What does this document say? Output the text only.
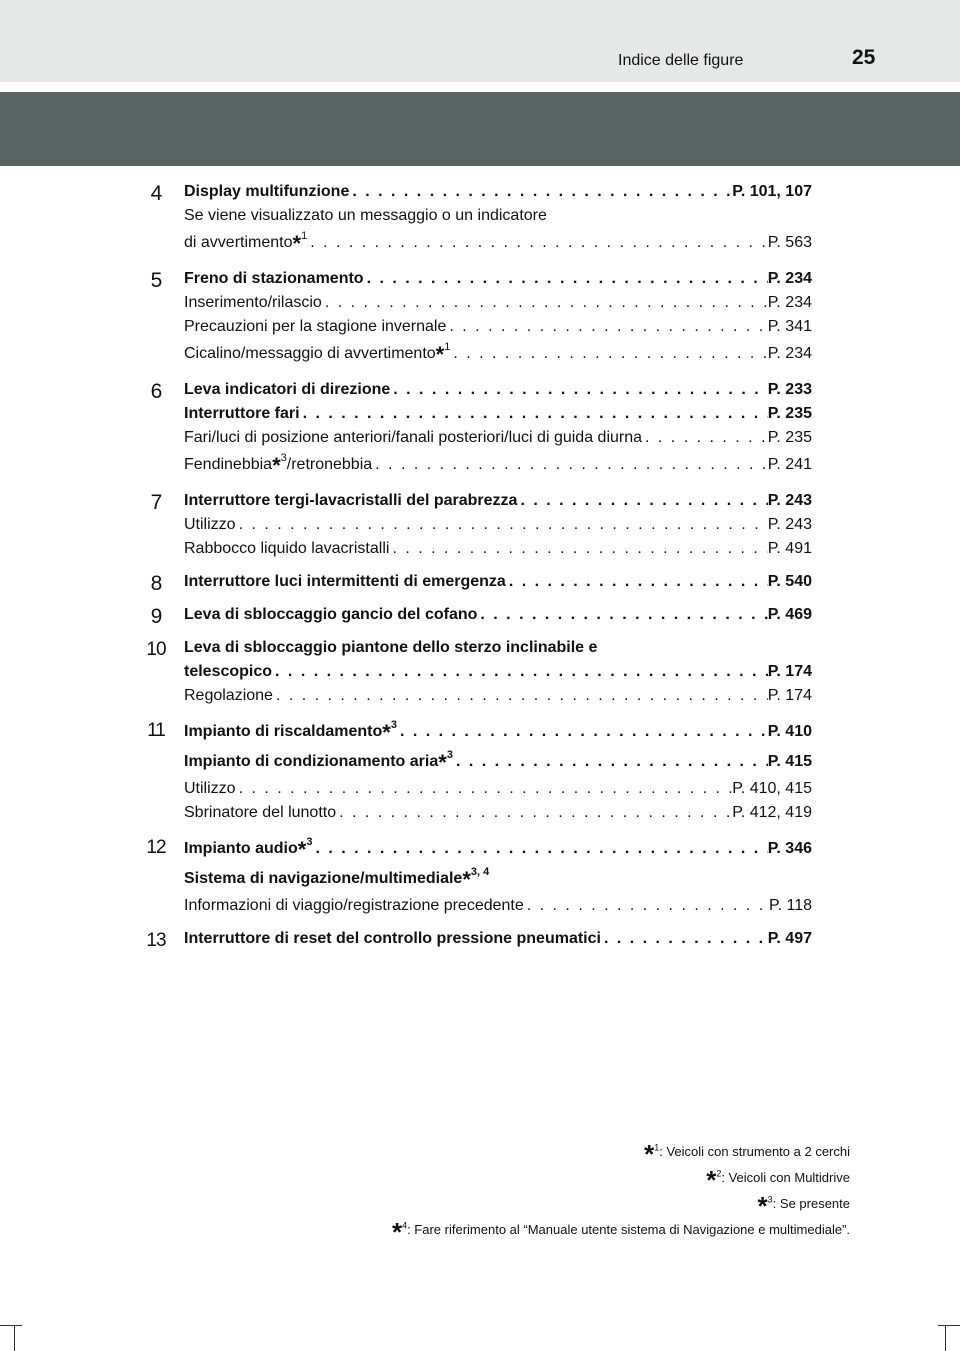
Indice delle figure	25
4	Display multifunzione . . .	P. 101, 107
Se viene visualizzato un messaggio o un indicatore
di avvertimento*$^1$ . . .	P. 563
5	Freno di stazionamento . . .	P. 234
Inserimento/rilascio . . .	P. 234
Precauzioni per la stagione invernale . . .	P. 341
Cicalino/messaggio di avvertimento*$^1$ . . .	P. 234
6	Leva indicatori di direzione . . .	P. 233
Interruttore fari . . .	P. 235
Fari/luci di posizione anteriori/fanali posteriori/luci di guida diurna . . .	P. 235
Fendinebbia*$^3$/retronebbia . . .	P. 241
7	Interruttore tergi-lavacristalli del parabrezza . . .	P. 243
Utilizzo . . .	P. 243
Rabbocco liquido lavacristalli . . .	P. 491
8	Interruttore luci intermittenti di emergenza . . .	P. 540
9	Leva di sbloccaggio gancio del cofano . . .	P. 469
10	Leva di sbloccaggio piantone dello sterzo inclinabile e
telescopico . . .	P. 174
Regolazione . . .	P. 174
11	Impianto di riscaldamento*$^3$ . . .	P. 410
Impianto di condizionamento aria*$^3$ . . .	P. 415
Utilizzo . . .	P. 410, 415
Sbrinatore del lunotto . . .	P. 412, 419
12	Impianto audio*$^3$ . . .	P. 346
Sistema di navigazione/multimediale*$^{3, 4}$
Informazioni di viaggio/registrazione precedente . . .	P. 118
13	Interruttore di reset del controllo pressione pneumatici . . .	P. 497
*$^1$: Veicoli con strumento a 2 cerchi
*$^2$: Veicoli con Multidrive
*$^3$: Se presente
*$^4$: Fare riferimento al “Manuale utente sistema di Navigazione e multimediale”.
